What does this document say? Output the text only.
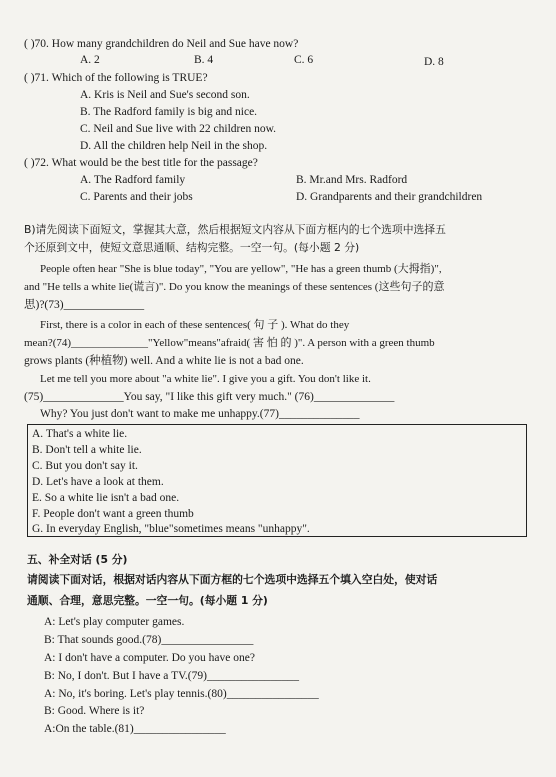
( )70. How many grandchildren do Neil and Sue have now?
A. 2	B. 4	C. 6	D. 8
( )71. Which of the following is TRUE?
A. Kris is Neil and Sue's second son.
B. The Radford family is big and nice.
C. Neil and Sue live with 22 children now.
D. All the children help Neil in the shop.
( )72. What would be the best title for the passage?
A. The Radford family	B. Mr.and Mrs. Radford
C. Parents and their jobs	D. Grandparents and their grandchildren
B)请先阅读下面短文，掌握其大意，然后根据短文内容从下面方框内的七个选项中选择五
个还原到文中，使短文意思通顺、结构完整。一空一句。(每小题 2 分)
People often hear "She is blue today", "You are yellow", "He has a green thumb (大拇指)",
and "He tells a white lie(谎言)". Do you know the meanings of these sentences (这些句子的意
思)?(73)______________
First, there is a color in each of these sentences( 句 子 ). What do they
mean?(74)______________"Yellow"means"afraid( 害 怕 的 )". A person with a green thumb
grows plants (种植物) well. And a white lie is not a bad one.
Let me tell you more about "a white lie". I give you a gift. You don't like it.
(75)______________You say, "I like this gift very much." (76)______________
Why? You just don't want to make me unhappy.(77)______________
A. That's a white lie.
B. Don't tell a white lie.
C. But you don't say it.
D. Let's have a look at them.
E. So a white lie isn't a bad one.
F. People don't want a green thumb
G. In everyday English, "blue"sometimes means "unhappy".
五、补全对话 (5 分)
请阅读下面对话，根据对话内容从下面方框的七个选项中选择五个填入空白处，使对话
通顺、合理，意思完整。一空一句。(每小题 1 分)
A: Let's play computer games.
B: That sounds good.(78)________________
A: I don't have a computer. Do you have one?
B: No, I don't. But I have a TV.(79)________________
A: No, it's boring. Let's play tennis.(80)________________
B: Good. Where is it?
A:On the table.(81)________________
